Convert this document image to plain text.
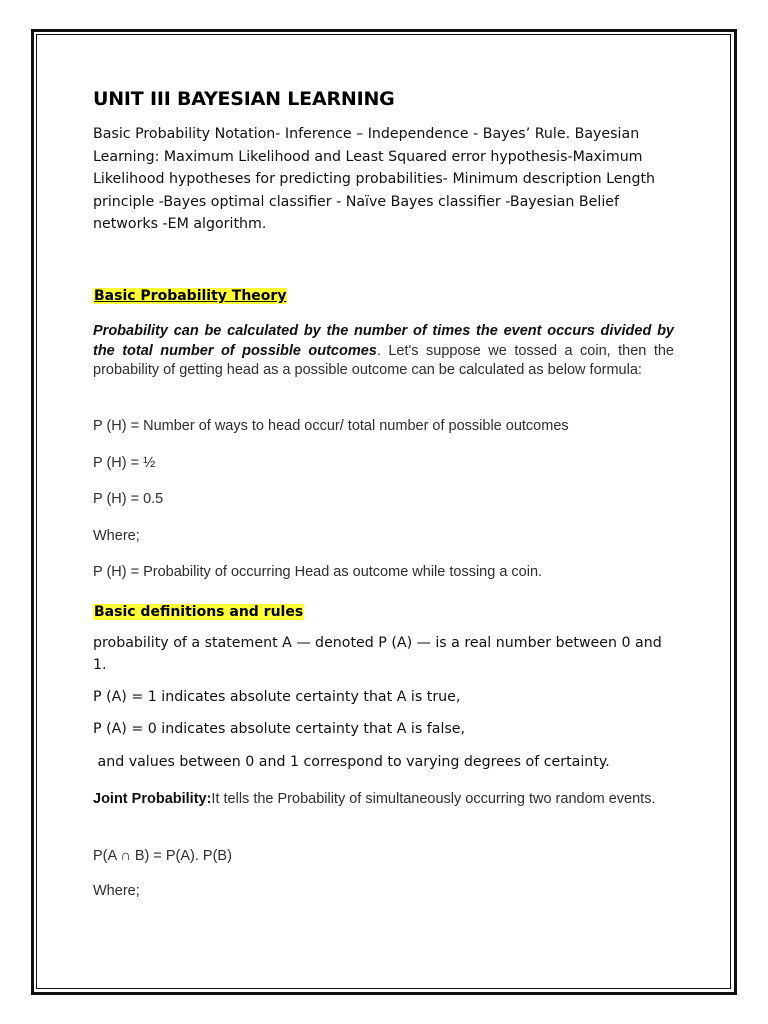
UNIT III BAYESIAN LEARNING

Basic Probability Notation- Inference – Independence - Bayes’ Rule. Bayesian Learning: Maximum Likelihood and Least Squared error hypothesis-Maximum Likelihood hypotheses for predicting probabilities- Minimum description Length principle -Bayes optimal classifier - Naïve Bayes classifier -Bayesian Belief networks -EM algorithm.

Basic Probability Theory

Probability can be calculated by the number of times the event occurs divided by the total number of possible outcomes. Let's suppose we tossed a coin, then the probability of getting head as a possible outcome can be calculated as below formula:

P (H) = Number of ways to head occur/ total number of possible outcomes

P (H) = ½

P (H) = 0.5

Where;

P (H) = Probability of occurring Head as outcome while tossing a coin.

Basic definitions and rules

probability of a statement A — denoted P (A) — is a real number between 0 and 1.

P (A) = 1 indicates absolute certainty that A is true,

P (A) = 0 indicates absolute certainty that A is false,

and values between 0 and 1 correspond to varying degrees of certainty.

Joint Probability:It tells the Probability of simultaneously occurring two random events.

P(A ∩ B) = P(A). P(B)

Where;
